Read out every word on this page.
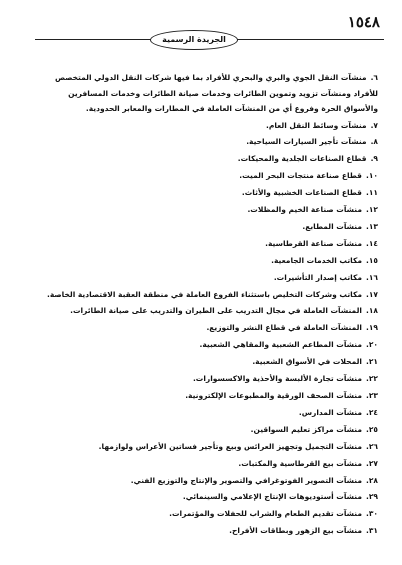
١٥٤٨
الجريدة الرسمية
٦.منشآت النقل الجوي والبري والبحري للأفراد بما فيها شركات النقل الدولي المتخصص للأفراد ومنشآت تزويد وتموين الطائرات وخدمات صيانة الطائرات وخدمات المسافرين والأسواق الحرة وفروع أي من المنشآت العاملة في المطارات والمعابر الحدودية.
٧.منشآت وسائط النقل العام.
٨.منشآت تأجير السيارات السياحية.
٩.قطاع الصناعات الجلدية والمحيكات.
١٠.قطاع صناعة منتجات البحر الميت.
١١.قطاع الصناعات الخشبية والأثاث.
١٢.منشآت صناعة الخيم والمظلات.
١٣.منشآت المطابع.
١٤.منشآت صناعة القرطاسية.
١٥.مكاتب الخدمات الجامعية.
١٦.مكاتب إصدار التأشيرات.
١٧.مكاتب وشركات التخليص باستثناء الفروع العاملة في منطقة العقبة الاقتصادية الخاصة.
١٨.المنشآت العاملة في مجال التدريب على الطيران والتدريب على صيانة الطائرات.
١٩.المنشآت العاملة في قطاع النشر والتوزيع.
٢٠.منشآت المطاعم الشعبية والمقاهي الشعبية.
٢١.المحلات في الأسواق الشعبية.
٢٢.منشآت تجارة الألبسة والأحذية والاكسسوارات.
٢٣.منشآت الصحف الورقية والمطبوعات الإلكترونية.
٢٤.منشآت المدارس.
٢٥.منشآت مراكز تعليم السواقين.
٢٦.منشآت التجميل وتجهيز العرائس وبيع وتأجير فساتين الأعراس ولوازمها.
٢٧.منشآت بيع القرطاسية والمكتبات.
٢٨.منشآت التصوير الفوتوغرافي والتصوير والإنتاج والتوزيع الفني.
٢٩.منشآت أستوديوهات الإنتاج الإعلامي والسينمائي.
٣٠.منشآت تقديم الطعام والشراب للحفلات والمؤتمرات.
٣١.منشآت بيع الزهور وبطاقات الأفراح.
